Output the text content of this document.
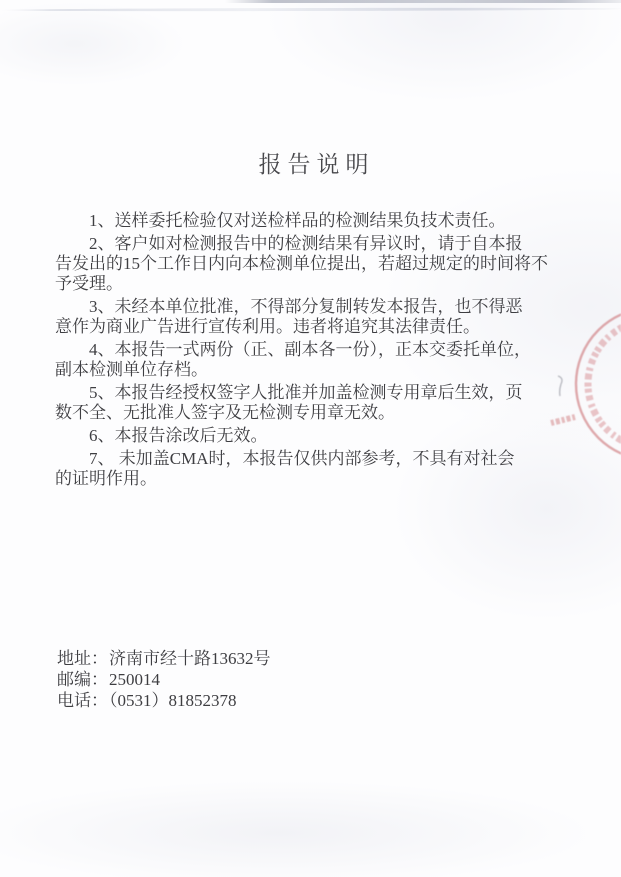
报告说明

1、送样委托检验仅对送检样品的检测结果负技术责任。

2、客户如对检测报告中的检测结果有异议时，请于自本报
告发出的15个工作日内向本检测单位提出，若超过规定的时间将不
予受理。

3、未经本单位批准，不得部分复制转发本报告，也不得恶
意作为商业广告进行宣传利用。违者将追究其法律责任。

4、本报告一式两份（正、副本各一份），正本交委托单位，
副本检测单位存档。

5、本报告经授权签字人批准并加盖检测专用章后生效，页
数不全、无批准人签字及无检测专用章无效。

6、本报告涂改后无效。

7、 未加盖CMA时，本报告仅供内部参考，不具有对社会
的证明作用。

地址：济南市经十路13632号
邮编：250014
电话：（0531）81852378
